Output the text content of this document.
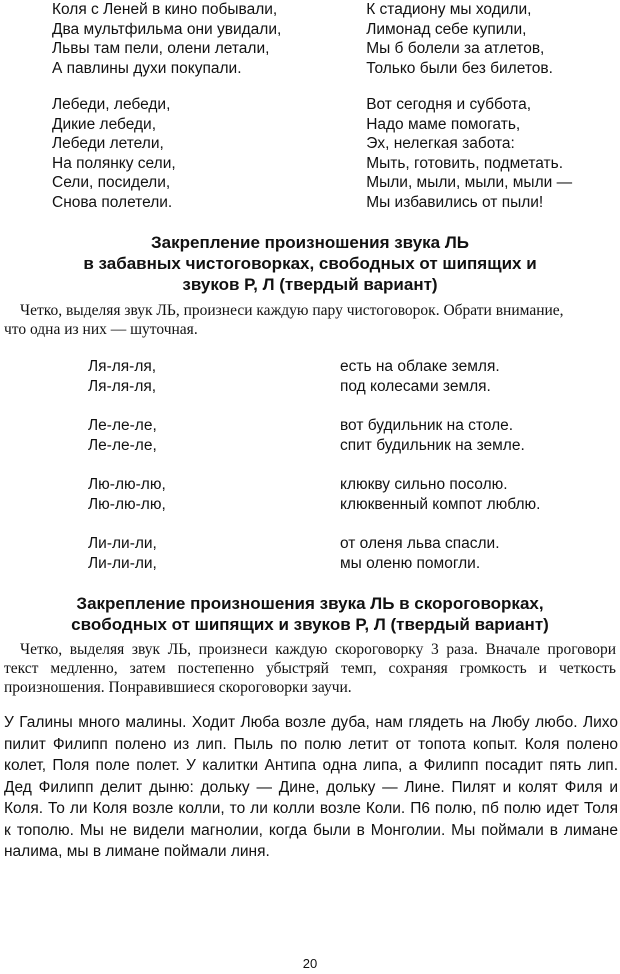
Коля с Леней в кино побывали,
Два мультфильма они увидали,
Львы там пели, олени летали,
А павлины духи покупали.
Лебеди, лебеди,
Дикие лебеди,
Лебеди летели,
На полянку сели,
Сели, посидели,
Снова полетели.
К стадиону мы ходили,
Лимонад себе купили,
Мы б болели за атлетов,
Только были без билетов.
Вот сегодня и суббота,
Надо маме помогать,
Эх, нелегкая забота:
Мыть, готовить, подметать.
Мыли, мыли, мыли, мыли —
Мы избавились от пыли!
Закрепление произношения звука ЛЬ
в забавных чистоговорках, свободных от шипящих и
звуков Р, Л (твердый вариант)
Четко, выделяя звук ЛЬ, произнеси каждую пару чистоговорок. Обрати внимание,
что одна из них — шуточная.
Ля-ля-ля,
Ля-ля-ля,
есть на облаке земля.
под колесами земля.
Ле-ле-ле,
Ле-ле-ле,
вот будильник на столе.
спит будильник на земле.
Лю-лю-лю,
Лю-лю-лю,
клюкву сильно посолю.
клюквенный компот люблю.
Ли-ли-ли,
Ли-ли-ли,
от оленя льва спасли.
мы оленю помогли.
Закрепление произношения звука ЛЬ в скороговорках,
свободных от шипящих и звуков Р, Л (твердый вариант)
Четко, выделяя звук ЛЬ, произнеси каждую скороговорку 3 раза. Вначале проговори текст медленно, затем постепенно убыстряй темп, сохраняя громкость и четкость произношения. Понравившиеся скороговорки заучи.
У Галины много малины. Ходит Люба возле дуба, нам глядеть на Любу любо. Лихо пилит Филипп полено из лип. Пыль по полю летит от топота копыт. Коля полено колет, Поля поле полет. У калитки Антипа одна липа, а Филипп посадит пять лип. Дед Филипп делит дыню: дольку — Дине, дольку — Лине. Пилят и колят Филя и Коля. То ли Коля возле колли, то ли колли возле Коли. П6 полю, пб полю идет Толя к тополю. Мы не видели магнолии, когда были в Монголии. Мы поймали в лимане налима, мы в лимане поймали линя.
20
